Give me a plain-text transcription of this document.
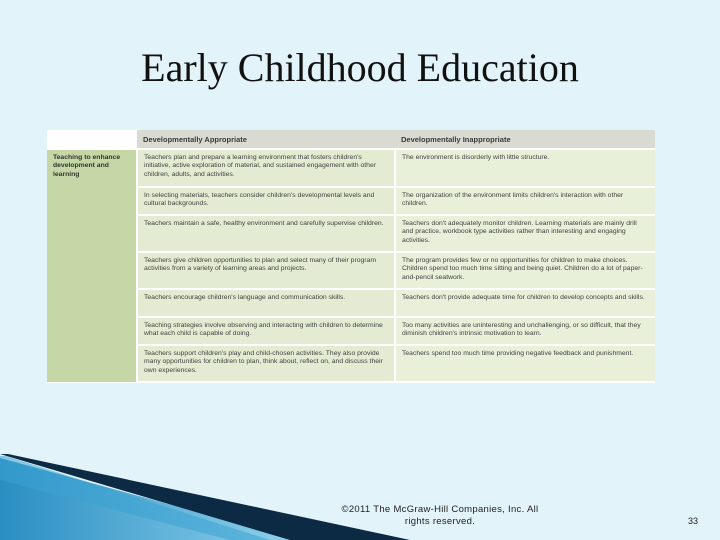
Early Childhood Education
	Developmentally Appropriate	Developmentally Inappropriate
Teaching to enhance development and learning	Teachers plan and prepare a learning environment that fosters children's initiative, active exploration of material, and sustained engagement with other children, adults, and activities.	The environment is disorderly with little structure.
	In selecting materials, teachers consider children's developmental levels and cultural backgrounds.	The organization of the environment limits children's interaction with other children.
	Teachers maintain a safe, healthy environment and carefully supervise children.	Teachers don't adequately monitor children. Learning materials are mainly drill and practice, workbook type activities rather than interesting and engaging activities.
	Teachers give children opportunities to plan and select many of their program activities from a variety of learning areas and projects.	The program provides few or no opportunities for children to make choices. Children spend too much time sitting and being quiet. Children do a lot of paper-and-pencil seatwork.
	Teachers encourage children's language and communication skills.	Teachers don't provide adequate time for children to develop concepts and skills.
	Teaching strategies involve observing and interacting with children to determine what each child is capable of doing.	Too many activities are uninteresting and unchallenging, or so difficult, that they diminish children's intrinsic motivation to learn.
	Teachers support children's play and child-chosen activities. They also provide many opportunities for children to plan, think about, reflect on, and discuss their own experiences.	Teachers spend too much time providing negative feedback and punishment.
©2011 The McGraw-Hill Companies, Inc. All rights reserved.	33
